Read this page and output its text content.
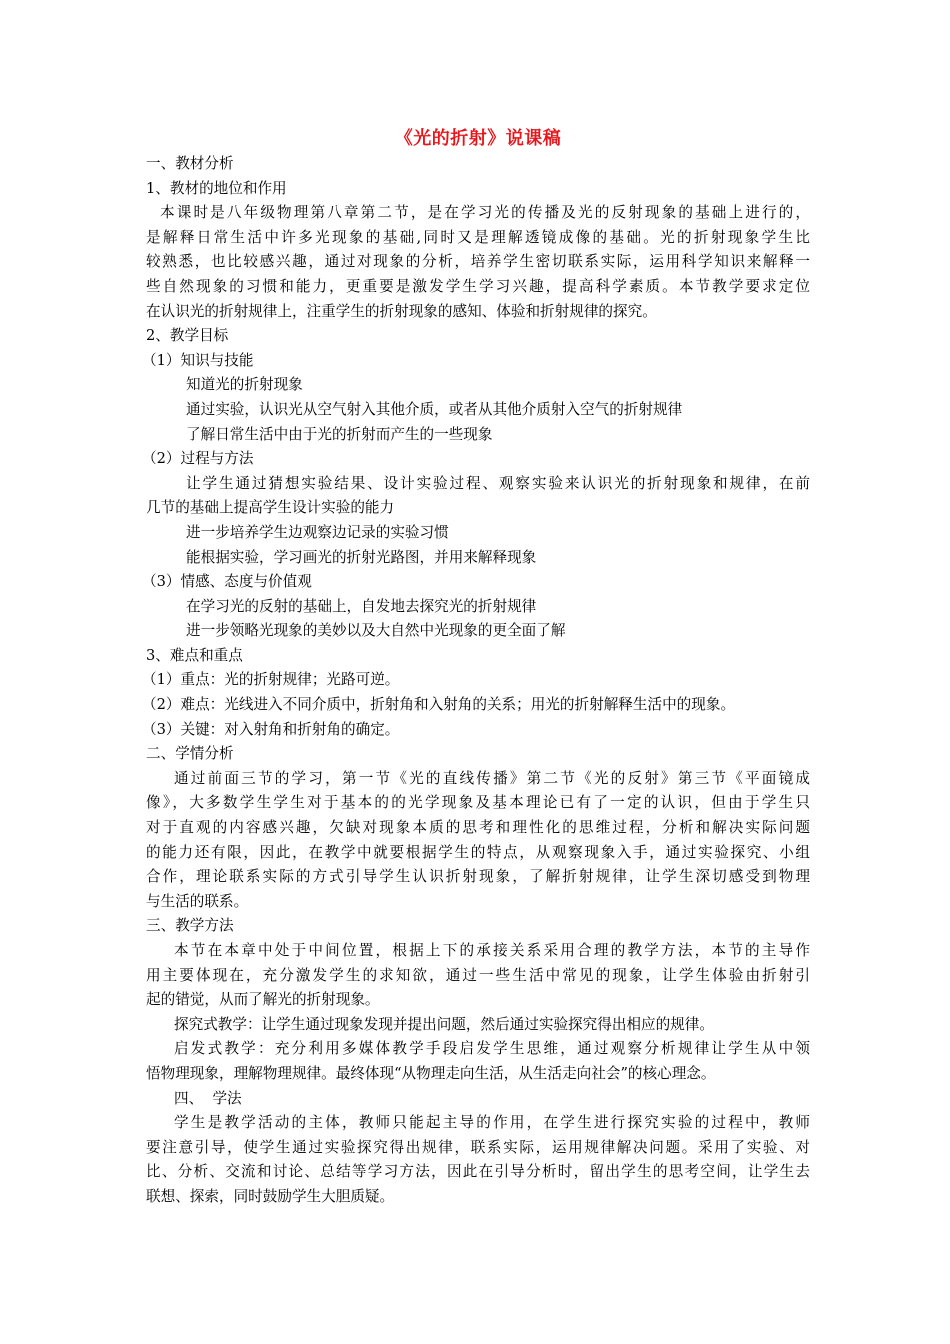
《光的折射》说课稿
一、教材分析
1、教材的地位和作用
本课时是八年级物理第八章第二节，是在学习光的传播及光的反射现象的基础上进行的，
是解释日常生活中许多光现象的基础,同时又是理解透镜成像的基础。光的折射现象学生比
较熟悉，也比较感兴趣，通过对现象的分析，培养学生密切联系实际，运用科学知识来解释一
些自然现象的习惯和能力，更重要是激发学生学习兴趣，提高科学素质。本节教学要求定位
在认识光的折射规律上，注重学生的折射现象的感知、体验和折射规律的探究。
2、教学目标
（1）知识与技能
知道光的折射现象
通过实验，认识光从空气射入其他介质，或者从其他介质射入空气的折射规律
了解日常生活中由于光的折射而产生的一些现象
（2）过程与方法
让学生通过猜想实验结果、设计实验过程、观察实验来认识光的折射现象和规律，在前
几节的基础上提高学生设计实验的能力
进一步培养学生边观察边记录的实验习惯
能根据实验，学习画光的折射光路图，并用来解释现象
（3）情感、态度与价值观
在学习光的反射的基础上，自发地去探究光的折射规律
进一步领略光现象的美妙以及大自然中光现象的更全面了解
3、难点和重点
（1）重点：光的折射规律；光路可逆。
（2）难点：光线进入不同介质中，折射角和入射角的关系；用光的折射解释生活中的现象。
（3）关键：对入射角和折射角的确定。
二、学情分析
通过前面三节的学习，第一节《光的直线传播》第二节《光的反射》第三节《平面镜成
像》，大多数学生学生对于基本的的光学现象及基本理论已有了一定的认识，但由于学生只
对于直观的内容感兴趣，欠缺对现象本质的思考和理性化的思维过程，分析和解决实际问题
的能力还有限，因此，在教学中就要根据学生的特点，从观察现象入手，通过实验探究、小组
合作，理论联系实际的方式引导学生认识折射现象，了解折射规律，让学生深切感受到物理
与生活的联系。
三、教学方法
本节在本章中处于中间位置，根据上下的承接关系采用合理的教学方法，本节的主导作
用主要体现在，充分激发学生的求知欲，通过一些生活中常见的现象，让学生体验由折射引
起的错觉，从而了解光的折射现象。
探究式教学：让学生通过现象发现并提出问题，然后通过实验探究得出相应的规律。
启发式教学：充分利用多媒体教学手段启发学生思维，通过观察分析规律让学生从中领
悟物理现象，理解物理规律。最终体现“从物理走向生活，从生活走向社会”的核心理念。
四、  学法
学生是教学活动的主体，教师只能起主导的作用，在学生进行探究实验的过程中，教师
要注意引导，使学生通过实验探究得出规律，联系实际，运用规律解决问题。采用了实验、对
比、分析、交流和讨论、总结等学习方法，因此在引导分析时，留出学生的思考空间，让学生去
联想、探索，同时鼓励学生大胆质疑。
